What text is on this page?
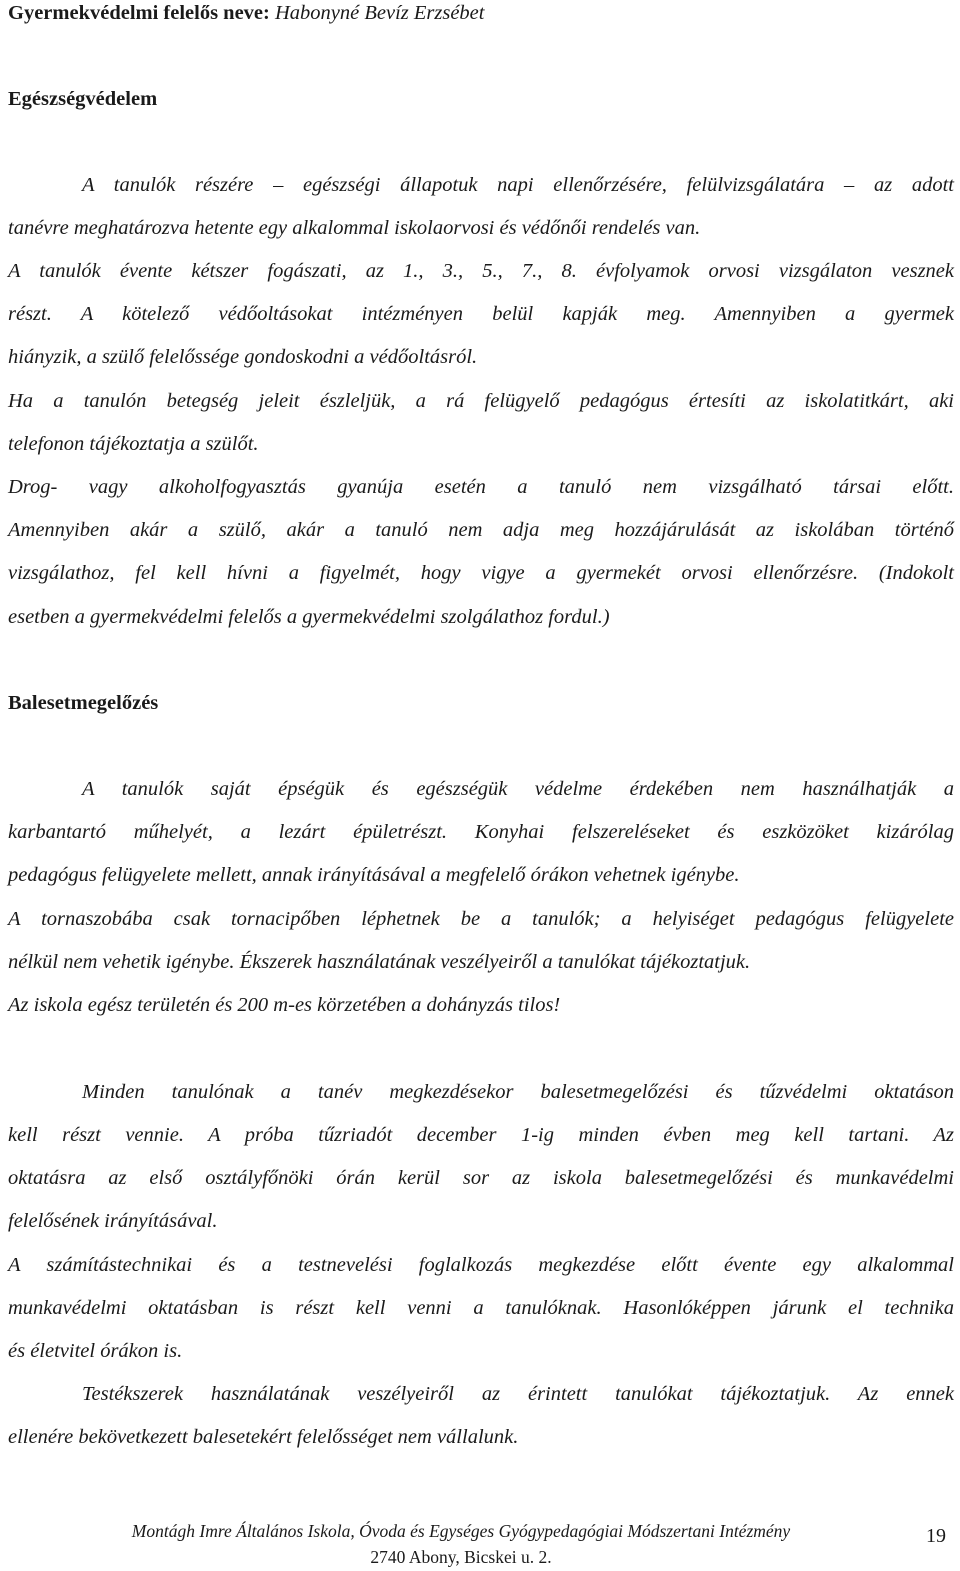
Gyermekvédelmi felelős neve: Habonyné Bevíz Erzsébet
Egészségvédelem
A tanulók részére – egészségi állapotuk napi ellenőrzésére, felülvizsgálatára – az adott
tanévre meghatározva hetente egy alkalommal iskolaorvosi és védőnői rendelés van.
A tanulók évente kétszer fogászati, az 1., 3., 5., 7., 8. évfolyamok orvosi vizsgálaton vesznek
részt. A kötelező védőoltásokat intézményen belül kapják meg. Amennyiben a gyermek
hiányzik, a szülő felelőssége gondoskodni a védőoltásról.
Ha a tanulón betegség jeleit észleljük, a rá felügyelő pedagógus értesíti az iskolatitkárt, aki
telefonon tájékoztatja a szülőt.
Drog- vagy alkoholfogyasztás gyanúja esetén a tanuló nem vizsgálható társai előtt.
Amennyiben akár a szülő, akár a tanuló nem adja meg hozzájárulását az iskolában történő
vizsgálathoz, fel kell hívni a figyelmét, hogy vigye a gyermekét orvosi ellenőrzésre. (Indokolt
esetben a gyermekvédelmi felelős a gyermekvédelmi szolgálathoz fordul.)
Balesetmegelőzés
A tanulók saját épségük és egészségük védelme érdekében nem használhatják a
karbantartó műhelyét, a lezárt épületrészt. Konyhai felszereléseket és eszközöket kizárólag
pedagógus felügyelete mellett, annak irányításával a megfelelő órákon vehetnek igénybe.
A tornaszobába csak tornacipőben léphetnek be a tanulók; a helyiséget pedagógus felügyelete
nélkül nem vehetik igénybe. Ékszerek használatának veszélyeiről a tanulókat tájékoztatjuk.
Az iskola egész területén és 200 m-es körzetében a dohányzás tilos!
Minden tanulónak a tanév megkezdésekor balesetmegelőzési és tűzvédelmi oktatáson
kell részt vennie. A próba tűzriadót december 1-ig minden évben meg kell tartani. Az
oktatásra az első osztályfőnöki órán kerül sor az iskola balesetmegelőzési és munkavédelmi
felelősének irányításával.
A számítástechnikai és a testnevelési foglalkozás megkezdése előtt évente egy alkalommal
munkavédelmi oktatásban is részt kell venni a tanulóknak. Hasonlóképpen járunk el technika
és életvitel órákon is.
Testékszerek használatának veszélyeiről az érintett tanulókat tájékoztatjuk. Az ennek
ellenére bekövetkezett balesetekért felelősséget nem vállalunk.
Montágh Imre Általános Iskola, Óvoda és Egységes Gyógypedagógiai Módszertani Intézmény
2740 Abony, Bicskei u. 2.
19
